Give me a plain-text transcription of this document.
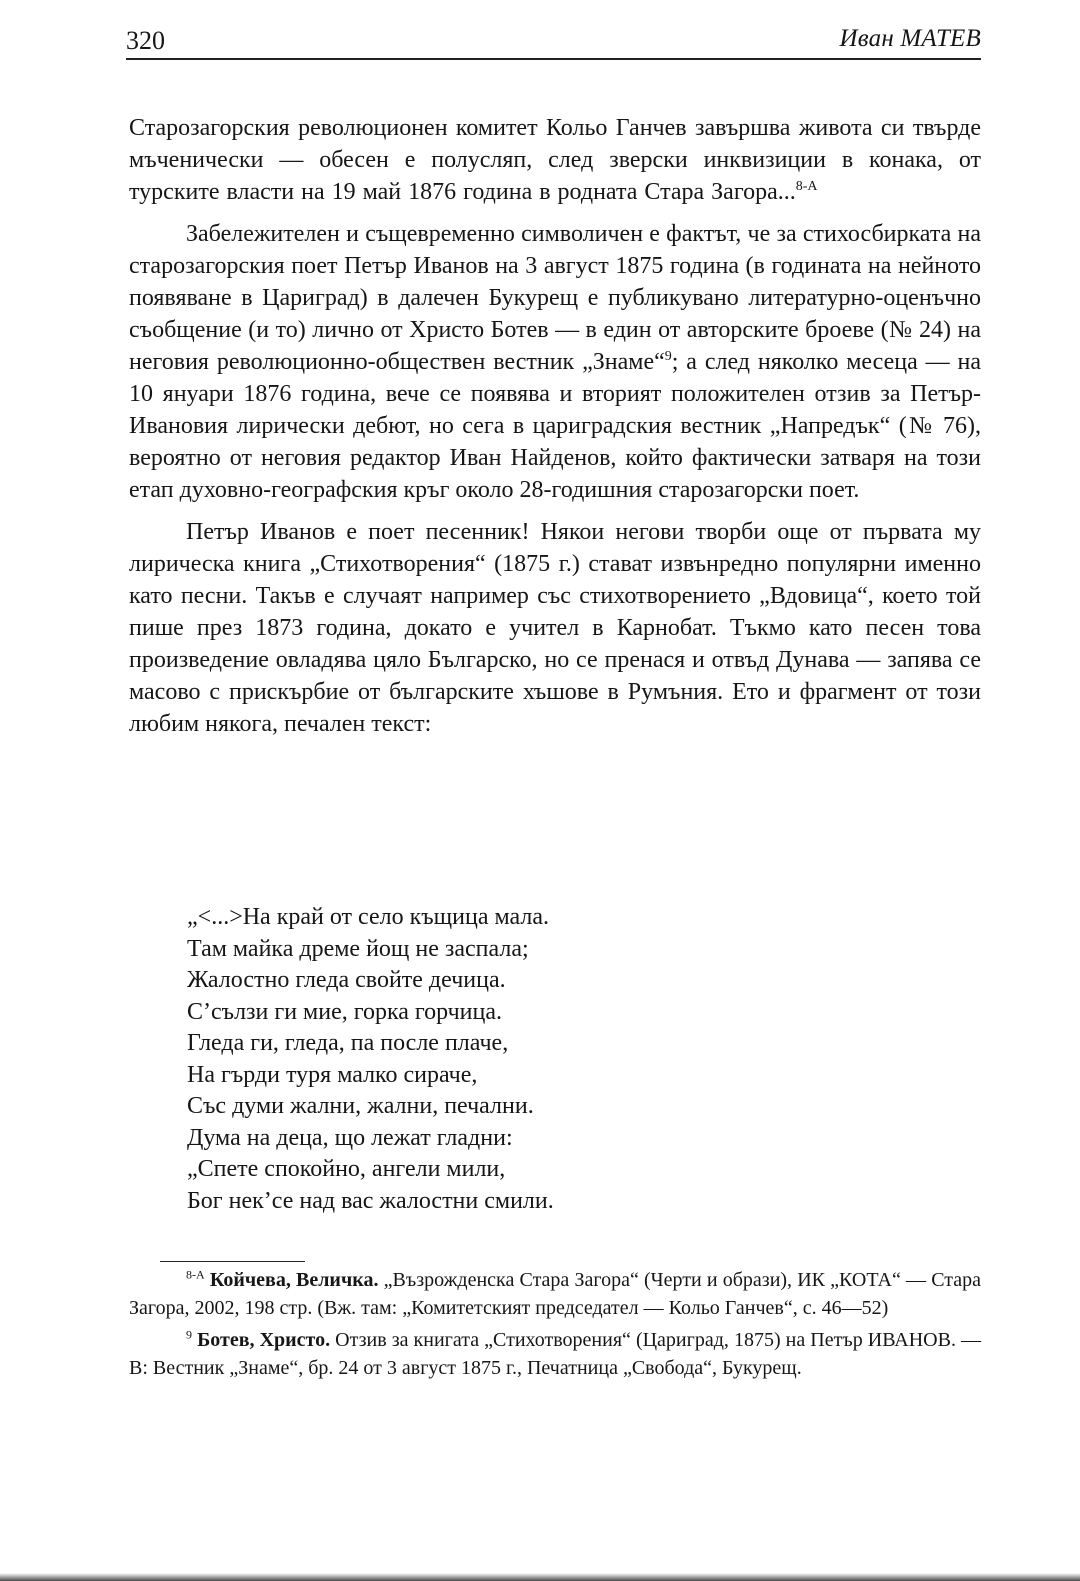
320	Иван МАТЕВ

Старозагорския революционен комитет Кольо Ганчев завършва живота си твърде мъченически — обесен е полусляп, след зверски инквизиции в конака, от турските власти на 19 май 1876 година в родната Стара Загора...$^{8-А}$

Забележителен и същевременно символичен е фактът, че за стихосбирката на старозагорския поет Петър Иванов на 3 август 1875 година (в годината на нейното появяване в Цариград) в далечен Букурещ е публикувано литературно-оценъчно съобщение (и то) лично от Христо Ботев — в един от авторските броеве (№ 24) на неговия революционно-обществен вестник „Знаме“$^9$; а след няколко месеца — на 10 януари 1876 година, вече се появява и вторият положителен отзив за Петър-Ивановия лирически дебют, но сега в цариградския вестник „Напредък“ (№ 76), вероятно от неговия редактор Иван Найденов, който фактически затваря на този етап духовно-географския кръг около 28-годишния старозагорски поет.

Петър Иванов е поет песенник! Някои негови творби още от първата му лирическа книга „Стихотворения“ (1875 г.) стават извънредно популярни именно като песни. Такъв е случаят например със стихотворението „Вдовица“, което той пише през 1873 година, докато е учител в Карнобат. Тъкмо като песен това произведение овладява цяло Българско, но се пренася и отвъд Дунава — запява се масово с прискърбие от българските хъшове в Румъния. Ето и фрагмент от този любим някога, печален текст:

„<...>На край от село къщица мала.
Там майка дреме йощ не заспала;
Жалостно гледа свойте дечица.
С’сълзи ги мие, горка горчица.
Гледа ги, гледа, па после плаче,
На гърди туря малко сираче,
Със думи жални, жални, печални.
Дума на деца, що лежат гладни:
„Спете спокойно, ангели мили,
Бог нек’се над вас жалостни смили.

$^{8-А}$ Койчева, Величка. „Възрожденска Стара Загора“ (Черти и образи), ИК „КОТА“ — Стара Загора, 2002, 198 стр. (Вж. там: „Комитетският председател — Кольо Ганчев“, с. 46—52)

$^9$ Ботев, Христо. Отзив за книгата „Стихотворения“ (Цариград, 1875) на Петър ИВАНОВ. — В: Вестник „Знаме“, бр. 24 от 3 август 1875 г., Печатница „Свобода“, Букурещ.
